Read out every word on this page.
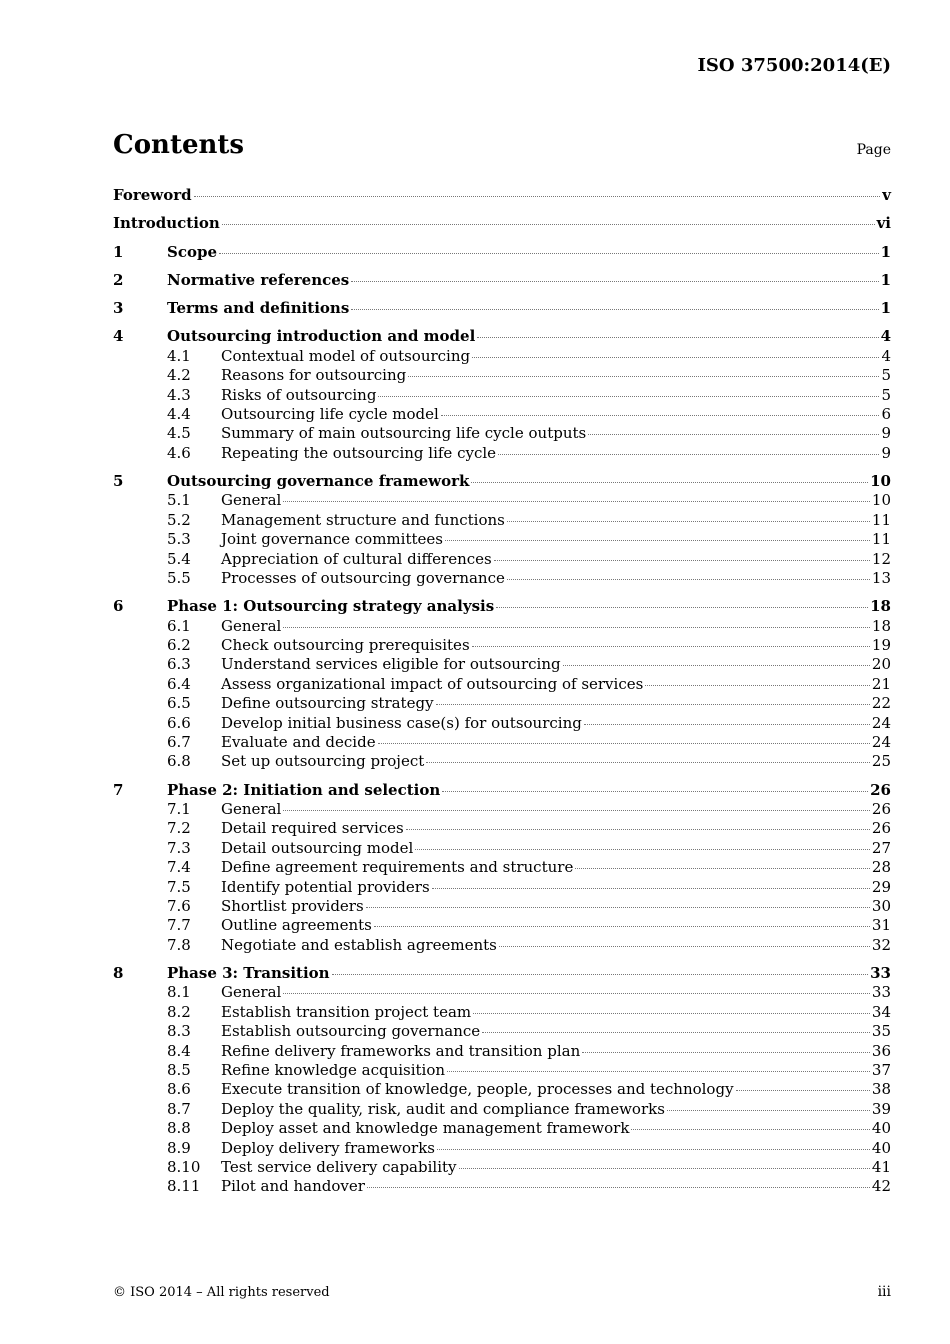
ISO 37500:2014(E)
Contents	Page
Foreword	v
Introduction	vi
1	Scope	1
2	Normative references	1
3	Terms and definitions	1
4	Outsourcing introduction and model	4
4.1	Contextual model of outsourcing	4
4.2	Reasons for outsourcing	5
4.3	Risks of outsourcing	5
4.4	Outsourcing life cycle model	6
4.5	Summary of main outsourcing life cycle outputs	9
4.6	Repeating the outsourcing life cycle	9
5	Outsourcing governance framework	10
5.1	General	10
5.2	Management structure and functions	11
5.3	Joint governance committees	11
5.4	Appreciation of cultural differences	12
5.5	Processes of outsourcing governance	13
6	Phase 1: Outsourcing strategy analysis	18
6.1	General	18
6.2	Check outsourcing prerequisites	19
6.3	Understand services eligible for outsourcing	20
6.4	Assess organizational impact of outsourcing of services	21
6.5	Define outsourcing strategy	22
6.6	Develop initial business case(s) for outsourcing	24
6.7	Evaluate and decide	24
6.8	Set up outsourcing project	25
7	Phase 2: Initiation and selection	26
7.1	General	26
7.2	Detail required services	26
7.3	Detail outsourcing model	27
7.4	Define agreement requirements and structure	28
7.5	Identify potential providers	29
7.6	Shortlist providers	30
7.7	Outline agreements	31
7.8	Negotiate and establish agreements	32
8	Phase 3: Transition	33
8.1	General	33
8.2	Establish transition project team	34
8.3	Establish outsourcing governance	35
8.4	Refine delivery frameworks and transition plan	36
8.5	Refine knowledge acquisition	37
8.6	Execute transition of knowledge, people, processes and technology	38
8.7	Deploy the quality, risk, audit and compliance frameworks	39
8.8	Deploy asset and knowledge management framework	40
8.9	Deploy delivery frameworks	40
8.10	Test service delivery capability	41
8.11	Pilot and handover	42
© ISO 2014 – All rights reserved	iii
